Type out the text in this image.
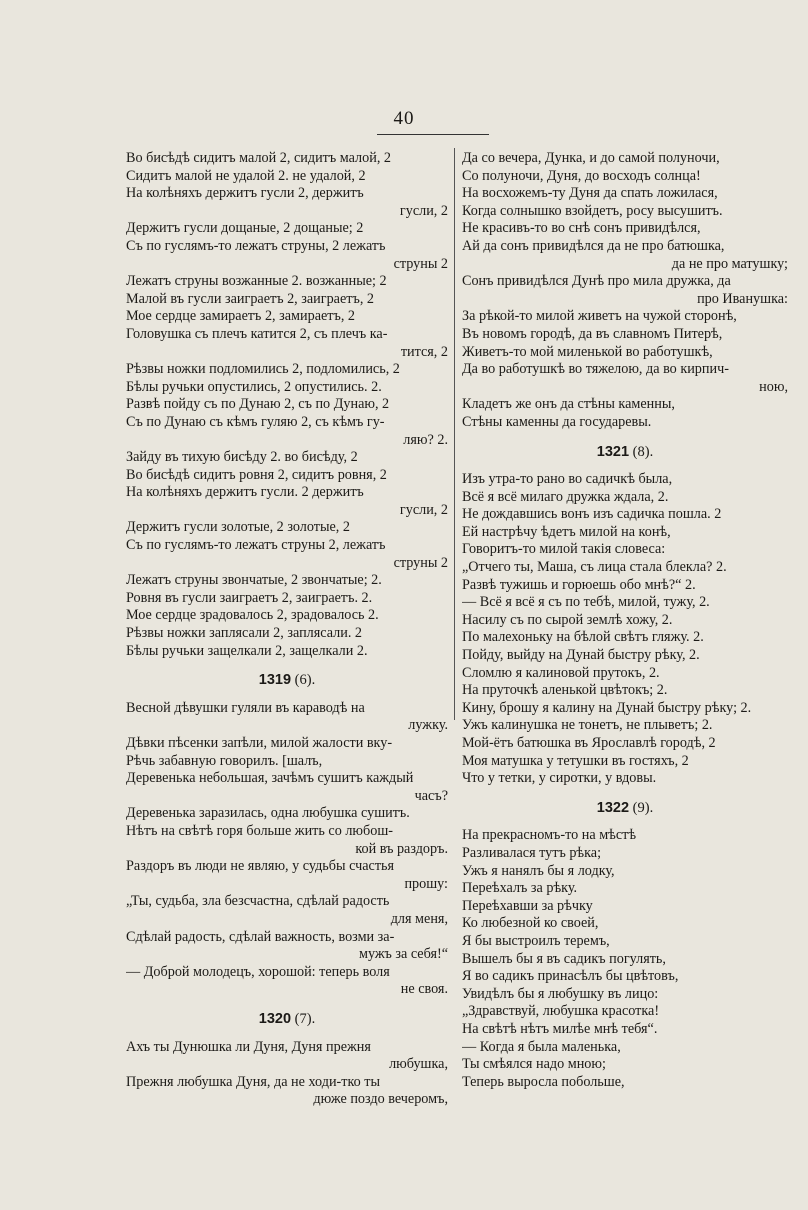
40
Во бисѣдѣ сидитъ малой 2, сидитъ малой, 2
Сидитъ малой не удалой 2. не удалой, 2
На колѣняхъ держитъ гусли 2, держитъ
гусли, 2
Держитъ гусли дощаные, 2 дощаные; 2
Съ по гуслямъ-то лежатъ струны, 2 лежатъ
струны 2
Лежатъ струны возжанные 2. возжанные; 2
Малой въ гусли заиграетъ 2, заиграетъ, 2
Мое сердце замираетъ 2, замираетъ, 2
Головушка съ плечъ катится 2, съ плечъ ка-
тится, 2
Рѣзвы ножки подломились 2, подломились, 2
Бѣлы ручьки опустились, 2 опустились. 2.
Развѣ пойду съ по Дунаю 2, съ по Дунаю, 2
Съ по Дунаю съ кѣмъ гуляю 2, съ кѣмъ гу-
ляю? 2.
Зайду въ тихую бисѣду 2. во бисѣду, 2
Во бисѣдѣ сидитъ ровня 2, сидитъ ровня, 2
На колѣняхъ держитъ гусли. 2 держитъ
гусли, 2
Держитъ гусли золотые, 2 золотые, 2
Съ по гуслямъ-то лежатъ струны 2, лежатъ
струны 2
Лежатъ струны звончатые, 2 звончатые; 2.
Ровня въ гусли заиграетъ 2, заиграетъ. 2.
Мое сердце зрадовалось 2, зрадовалось 2.
Рѣзвы ножки заплясали 2, заплясали. 2
Бѣлы ручьки защелкали 2, защелкали 2.
1319 (6).
Весной дѣвушки гуляли въ караводѣ на
лужку.
Дѣвки пѣсенки запѣли, милой жалости вку-
Рѣчь забавную говорилъ. [шалъ,
Деревенька небольшая, зачѣмъ сушитъ каждый
часъ?
Деревенька заразилась, одна любушка сушитъ.
Нѣтъ на свѣтѣ горя больше жить со любош-
кой въ раздоръ.
Раздоръ въ люди не являю, у судьбы счастья
прошу:
„Ты, судьба, зла безсчастна, сдѣлай радость
для меня,
Сдѣлай радость, сдѣлай важность, возми за-
мужъ за себя!“
— Доброй молодецъ, хорошой: теперь воля
не своя.
1320 (7).
Ахъ ты Дунюшка ли Дуня, Дуня прежня
любушка,
Прежня любушка Дуня, да не ходи-тко ты
дюже поздо вечеромъ,
Да со вечера, Дунка, и до самой полуночи,
Со полуночи, Дуня, до восходъ солнца!
На восхожемъ-ту Дуня да спать ложилася,
Когда солнышко взойдетъ, росу высушитъ.
Не красивъ-то во снѣ сонъ привидѣлся,
Ай да сонъ привидѣлся да не про батюшка,
да не про матушку;
Сонъ привидѣлся Дунѣ про мила дружка, да
про Иванушка:
За рѣкой-то милой живетъ на чужой сторонѣ,
Въ новомъ городѣ, да въ славномъ Питерѣ,
Живетъ-то мой миленькой во работушкѣ,
Да во работушкѣ во тяжелою, да во кирпич-
ною,
Кладетъ же онъ да стѣны каменны,
Стѣны каменны да государевы.
1321 (8).
Изъ утра-то рано во садичкѣ была,
Всё я всё милаго дружка ждала, 2.
Не дождавшись вонъ изъ садичка пошла. 2
Ей настрѣчу ѣдетъ милой на конѣ,
Говоритъ-то милой такія словеса:
„Отчего ты, Маша, съ лица стала блекла? 2.
Развѣ тужишь и горюешь обо мнѣ?“ 2.
— Всё я всё я съ по тебѣ, милой, тужу, 2.
Насилу съ по сырой землѣ хожу, 2.
По малехоньку на бѣлой свѣтъ гляжу. 2.
Пойду, выйду на Дунай быстру рѣку, 2.
Сломлю я калиновой прутокъ, 2.
На пруточкѣ аленькой цвѣтокъ; 2.
Кину, брошу я калину на Дунай быстру рѣку; 2.
Ужъ калинушка не тонетъ, не плыветъ; 2.
Мой-ётъ батюшка въ Ярославлѣ городѣ, 2
Моя матушка у тетушки въ гостяхъ, 2
Что у тетки, у сиротки, у вдовы.
1322 (9).
На прекрасномъ-то на мѣстѣ
Разливалася тутъ рѣка;
Ужъ я нанялъ бы я лодку,
Переѣхалъ за рѣку.
Переѣхавши за рѣчку
Ко любезной ко своей,
Я бы выстроилъ теремъ,
Вышелъ бы я въ садикъ погулять,
Я во садикъ принасѣлъ бы цвѣтовъ,
Увидѣлъ бы я любушку въ лицо:
„Здравствуй, любушка красотка!
На свѣтѣ нѣтъ милѣе мнѣ тебя“.
— Когда я была маленька,
Ты смѣялся надо мною;
Теперь выросла побольше,
